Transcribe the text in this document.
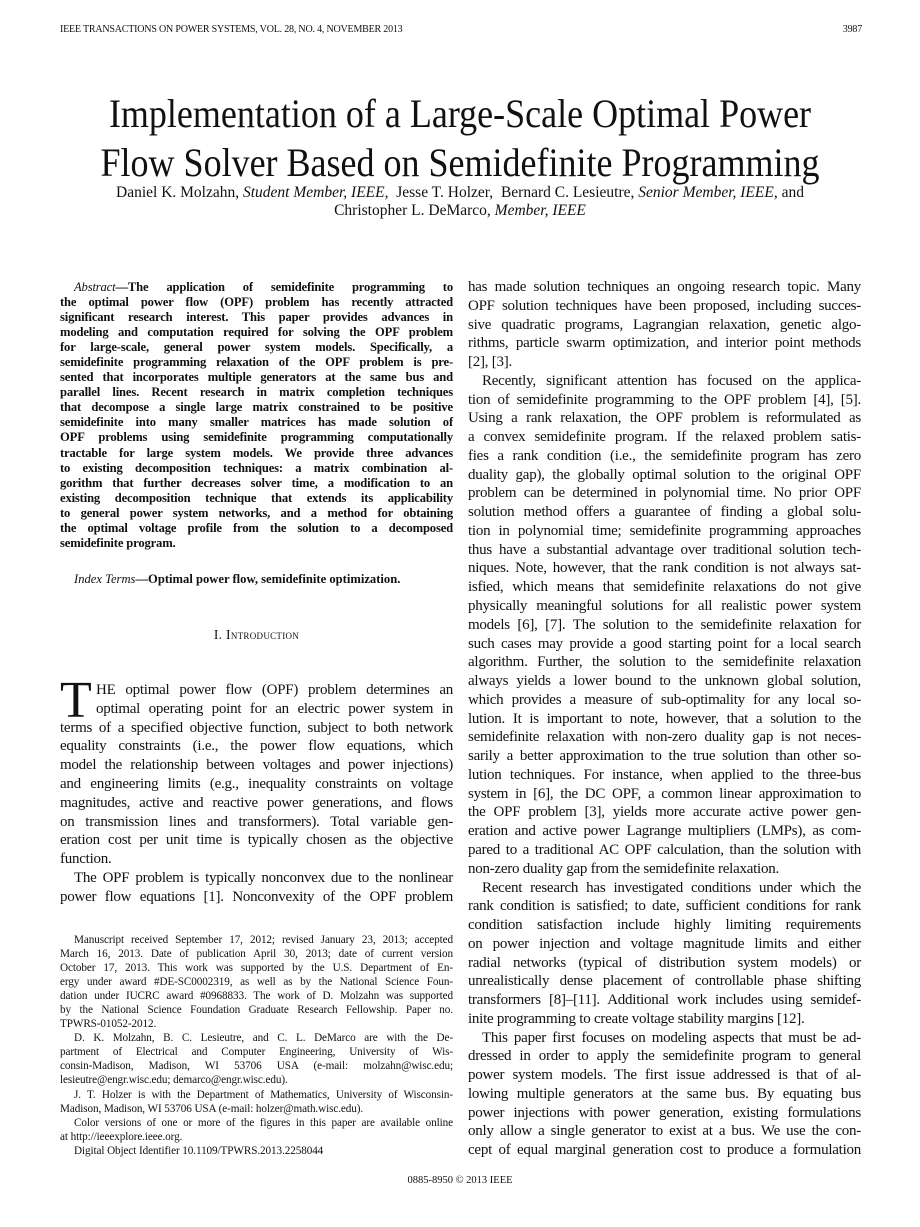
IEEE TRANSACTIONS ON POWER SYSTEMS, VOL. 28, NO. 4, NOVEMBER 2013	3987
Implementation of a Large-Scale Optimal Power
Flow Solver Based on Semidefinite Programming
Daniel K. Molzahn, Student Member, IEEE,  Jesse T. Holzer, Bernard C. Lesieutre, Senior Member, IEEE, and
Christopher L. DeMarco, Member, IEEE
Abstract—The application of semidefinite programming to
the optimal power flow (OPF) problem has recently attracted
significant research interest. This paper provides advances in
modeling and computation required for solving the OPF problem
for large-scale, general power system models. Specifically, a
semidefinite programming relaxation of the OPF problem is pre-
sented that incorporates multiple generators at the same bus and
parallel lines. Recent research in matrix completion techniques
that decompose a single large matrix constrained to be positive
semidefinite into many smaller matrices has made solution of
OPF problems using semidefinite programming computationally
tractable for large system models. We provide three advances
to existing decomposition techniques: a matrix combination al-
gorithm that further decreases solver time, a modification to an
existing decomposition technique that extends its applicability
to general power system networks, and a method for obtaining
the optimal voltage profile from the solution to a decomposed
semidefinite program.
Index Terms—Optimal power flow, semidefinite optimization.
I. Introduction
T HE optimal power flow (OPF) problem determines an
optimal operating point for an electric power system in
terms of a specified objective function, subject to both network
equality constraints (i.e., the power flow equations, which
model the relationship between voltages and power injections)
and engineering limits (e.g., inequality constraints on voltage
magnitudes, active and reactive power generations, and flows
on transmission lines and transformers). Total variable gen-
eration cost per unit time is typically chosen as the objective
function.
The OPF problem is typically nonconvex due to the nonlinear
power flow equations [1]. Nonconvexity of the OPF problem
Manuscript received September 17, 2012; revised January 23, 2013; accepted
March 16, 2013. Date of publication April 30, 2013; date of current version
October 17, 2013. This work was supported by the U.S. Department of En-
ergy under award #DE-SC0002319, as well as by the National Science Foun-
dation under IUCRC award #0968833. The work of D. Molzahn was supported
by the National Science Foundation Graduate Research Fellowship. Paper no.
TPWRS-01052-2012.
D. K. Molzahn, B. C. Lesieutre, and C. L. DeMarco are with the De-
partment of Electrical and Computer Engineering, University of Wis-
consin-Madison, Madison, WI 53706 USA (e-mail: molzahn@wisc.edu;
lesieutre@engr.wisc.edu; demarco@engr.wisc.edu).
J. T. Holzer is with the Department of Mathematics, University of Wisconsin-
Madison, Madison, WI 53706 USA (e-mail: holzer@math.wisc.edu).
Color versions of one or more of the figures in this paper are available online
at http://ieeexplore.ieee.org.
Digital Object Identifier 10.1109/TPWRS.2013.2258044
has made solution techniques an ongoing research topic. Many
OPF solution techniques have been proposed, including succes-
sive quadratic programs, Lagrangian relaxation, genetic algo-
rithms, particle swarm optimization, and interior point methods
[2], [3].
Recently, significant attention has focused on the applica-
tion of semidefinite programming to the OPF problem [4], [5].
Using a rank relaxation, the OPF problem is reformulated as
a convex semidefinite program. If the relaxed problem satis-
fies a rank condition (i.e., the semidefinite program has zero
duality gap), the globally optimal solution to the original OPF
problem can be determined in polynomial time. No prior OPF
solution method offers a guarantee of finding a global solu-
tion in polynomial time; semidefinite programming approaches
thus have a substantial advantage over traditional solution tech-
niques. Note, however, that the rank condition is not always sat-
isfied, which means that semidefinite relaxations do not give
physically meaningful solutions for all realistic power system
models [6], [7]. The solution to the semidefinite relaxation for
such cases may provide a good starting point for a local search
algorithm. Further, the solution to the semidefinite relaxation
always yields a lower bound to the unknown global solution,
which provides a measure of sub-optimality for any local so-
lution. It is important to note, however, that a solution to the
semidefinite relaxation with non-zero duality gap is not neces-
sarily a better approximation to the true solution than other so-
lution techniques. For instance, when applied to the three-bus
system in [6], the DC OPF, a common linear approximation to
the OPF problem [3], yields more accurate active power gen-
eration and active power Lagrange multipliers (LMPs), as com-
pared to a traditional AC OPF calculation, than the solution with
non-zero duality gap from the semidefinite relaxation.
Recent research has investigated conditions under which the
rank condition is satisfied; to date, sufficient conditions for rank
condition satisfaction include highly limiting requirements
on power injection and voltage magnitude limits and either
radial networks (typical of distribution system models) or
unrealistically dense placement of controllable phase shifting
transformers [8]–[11]. Additional work includes using semidef-
inite programming to create voltage stability margins [12].
This paper first focuses on modeling aspects that must be ad-
dressed in order to apply the semidefinite program to general
power system models. The first issue addressed is that of al-
lowing multiple generators at the same bus. By equating bus
power injections with power generation, existing formulations
only allow a single generator to exist at a bus. We use the con-
cept of equal marginal generation cost to produce a formulation
0885-8950 © 2013 IEEE
